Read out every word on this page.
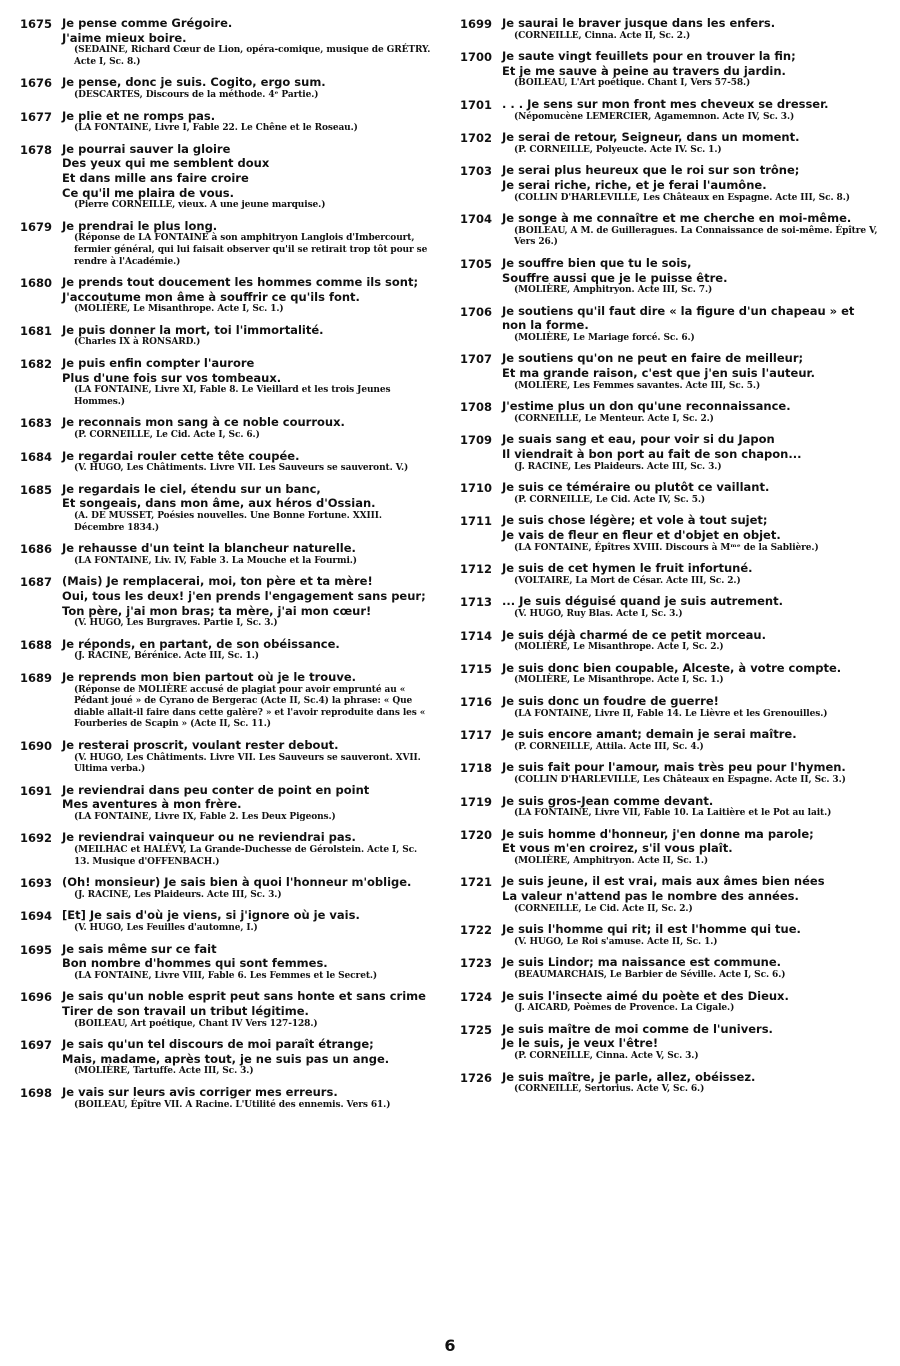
1675 Je pense comme Grégoire.
J'aime mieux boire.
(SEDAINE, Richard Cœur de Lion, opéra-comique, musique de GRÉTRY. Acte I, Sc. 8.)
1676 Je pense, donc je suis. Cogito, ergo sum.
(DESCARTES, Discours de la méthode. 4ᵉ Partie.)
1677 Je plie et ne romps pas.
(LA FONTAINE, Livre I, Fable 22. Le Chêne et le Roseau.)
1678 Je pourrai sauver la gloire
Des yeux qui me semblent doux
Et dans mille ans faire croire
Ce qu'il me plaira de vous.
(Pierre CORNEILLE, vieux. A une jeune marquise.)
1679 Je prendrai le plus long.
(Réponse de LA FONTAINE à son amphitryon Langlois d'Imbercourt, fermier général, qui lui faisait observer qu'il se retirait trop tôt pour se rendre à l'Académie.)
1680 Je prends tout doucement les hommes comme ils sont;
J'accoutume mon âme à souffrir ce qu'ils font.
(MOLIÈRE, Le Misanthrope. Acte I, Sc. 1.)
1681 Je puis donner la mort, toi l'immortalité.
(Charles IX à RONSARD.)
1682 Je puis enfin compter l'aurore
Plus d'une fois sur vos tombeaux.
(LA FONTAINE, Livre XI, Fable 8. Le Vieillard et les trois Jeunes Hommes.)
1683 Je reconnais mon sang à ce noble courroux.
(P. CORNEILLE, Le Cid. Acte I, Sc. 6.)
1684 Je regardai rouler cette tête coupée.
(V. HUGO, Les Châtiments. Livre VII. Les Sauveurs se sauveront. V.)
1685 Je regardais le ciel, étendu sur un banc,
Et songeais, dans mon âme, aux héros d'Ossian.
(A. DE MUSSET, Poésies nouvelles. Une Bonne Fortune. XXIII. Décembre 1834.)
1686 Je rehausse d'un teint la blancheur naturelle.
(LA FONTAINE, Liv. IV, Fable 3. La Mouche et la Fourmi.)
1687 (Mais) Je remplacerai, moi, ton père et ta mère!
Oui, tous les deux! j'en prends l'engagement sans peur;
Ton père, j'ai mon bras; ta mère, j'ai mon cœur!
(V. HUGO, Les Burgraves. Partie I, Sc. 3.)
1688 Je réponds, en partant, de son obéissance.
(J. RACINE, Bérénice. Acte III, Sc. 1.)
1689 Je reprends mon bien partout où je le trouve.
(Réponse de MOLIÈRE accusé de plagiat pour avoir emprunté au « Pédant joué » de Cyrano de Bergerac (Acte II, Sc.4) la phrase: « Que diable allait-il faire dans cette galère? » et l'avoir reproduite dans les « Fourberies de Scapin » (Acte II, Sc. 11.)
1690 Je resterai proscrit, voulant rester debout.
(V. HUGO, Les Châtiments. Livre VII. Les Sauveurs se sauveront. XVII. Ultima verba.)
1691 Je reviendrai dans peu conter de point en point
Mes aventures à mon frère.
(LA FONTAINE, Livre IX, Fable 2. Les Deux Pigeons.)
1692 Je reviendrai vainqueur ou ne reviendrai pas.
(MEILHAC et HALÉVY, La Grande-Duchesse de Gérolstein. Acte I, Sc. 13. Musique d'OFFENBACH.)
1693 (Oh! monsieur) Je sais bien à quoi l'honneur m'oblige.
(J. RACINE, Les Plaideurs. Acte III, Sc. 3.)
1694 [Et] Je sais d'où je viens, si j'ignore où je vais.
(V. HUGO, Les Feuilles d'automne, I.)
1695 Je sais même sur ce fait
Bon nombre d'hommes qui sont femmes.
(LA FONTAINE, Livre VIII, Fable 6. Les Femmes et le Secret.)
1696 Je sais qu'un noble esprit peut sans honte et sans crime
Tirer de son travail un tribut légitime.
(BOILEAU, Art poétique, Chant IV Vers 127-128.)
1697 Je sais qu'un tel discours de moi paraît étrange;
Mais, madame, après tout, je ne suis pas un ange.
(MOLIÈRE, Tartuffe. Acte III, Sc. 3.)
1698 Je vais sur leurs avis corriger mes erreurs.
(BOILEAU, Épître VII. A Racine. L'Utilité des ennemis. Vers 61.)
1699 Je saurai le braver jusque dans les enfers.
(CORNEILLE, Cinna. Acte II, Sc. 2.)
1700 Je saute vingt feuillets pour en trouver la fin;
Et je me sauve à peine au travers du jardin.
(BOILEAU, L'Art poétique. Chant I, Vers 57-58.)
1701 . . . Je sens sur mon front mes cheveux se dresser.
(Népomucène LEMERCIER, Agamemnon. Acte IV, Sc. 3.)
1702 Je serai de retour, Seigneur, dans un moment.
(P. CORNEILLE, Polyeucte. Acte IV. Sc. 1.)
1703 Je serai plus heureux que le roi sur son trône;
Je serai riche, riche, et je ferai l'aumône.
(COLLIN D'HARLEVILLE, Les Châteaux en Espagne. Acte III, Sc. 8.)
1704 Je songe à me connaître et me cherche en moi-même.
(BOILEAU, A M. de Guilleragues. La Connaissance de soi-même. Épître V, Vers 26.)
1705 Je souffre bien que tu le sois,
Souffre aussi que je le puisse être.
(MOLIÈRE, Amphitryon. Acte III, Sc. 7.)
1706 Je soutiens qu'il faut dire « la figure d'un chapeau » et
non la forme.
(MOLIÈRE, Le Mariage forcé. Sc. 6.)
1707 Je soutiens qu'on ne peut en faire de meilleur;
Et ma grande raison, c'est que j'en suis l'auteur.
(MOLIÈRE, Les Femmes savantes. Acte III, Sc. 5.)
1708 J'estime plus un don qu'une reconnaissance.
(CORNEILLE, Le Menteur. Acte I, Sc. 2.)
1709 Je suais sang et eau, pour voir si du Japon
Il viendrait à bon port au fait de son chapon...
(J. RACINE, Les Plaideurs. Acte III, Sc. 3.)
1710 Je suis ce téméraire ou plutôt ce vaillant.
(P. CORNEILLE, Le Cid. Acte IV, Sc. 5.)
1711 Je suis chose légère; et vole à tout sujet;
Je vais de fleur en fleur et d'objet en objet.
(LA FONTAINE, Épîtres XVIII. Discours à Mᵐᵉ de la Sablière.)
1712 Je suis de cet hymen le fruit infortuné.
(VOLTAIRE, La Mort de César. Acte III, Sc. 2.)
1713 ... Je suis déguisé quand je suis autrement.
(V. HUGO, Ruy Blas. Acte I, Sc. 3.)
1714 Je suis déjà charmé de ce petit morceau.
(MOLIÈRE, Le Misanthrope. Acte I, Sc. 2.)
1715 Je suis donc bien coupable, Alceste, à votre compte.
(MOLIÈRE, Le Misanthrope. Acte I, Sc. 1.)
1716 Je suis donc un foudre de guerre!
(LA FONTAINE, Livre II, Fable 14. Le Lièvre et les Grenouilles.)
1717 Je suis encore amant; demain je serai maître.
(P. CORNEILLE, Attila. Acte III, Sc. 4.)
1718 Je suis fait pour l'amour, mais très peu pour l'hymen.
(COLLIN D'HARLEVILLE, Les Châteaux en Espagne. Acte II, Sc. 3.)
1719 Je suis gros-Jean comme devant.
(LA FONTAINE, Livre VII, Fable 10. La Laitière et le Pot au lait.)
1720 Je suis homme d'honneur, j'en donne ma parole;
Et vous m'en croirez, s'il vous plaît.
(MOLIÈRE, Amphitryon. Acte II, Sc. 1.)
1721 Je suis jeune, il est vrai, mais aux âmes bien nées
La valeur n'attend pas le nombre des années.
(CORNEILLE, Le Cid. Acte II, Sc. 2.)
1722 Je suis l'homme qui rit; il est l'homme qui tue.
(V. HUGO, Le Roi s'amuse. Acte II, Sc. 1.)
1723 Je suis Lindor; ma naissance est commune.
(BEAUMARCHAIS, Le Barbier de Séville. Acte I, Sc. 6.)
1724 Je suis l'insecte aimé du poète et des Dieux.
(J. AICARD, Poèmes de Provence. La Cigale.)
1725 Je suis maître de moi comme de l'univers.
Je le suis, je veux l'être!
(P. CORNEILLE, Cinna. Acte V, Sc. 3.)
1726 Je suis maître, je parle, allez, obéissez.
(CORNEILLE, Sertorius. Acte V, Sc. 6.)
6
